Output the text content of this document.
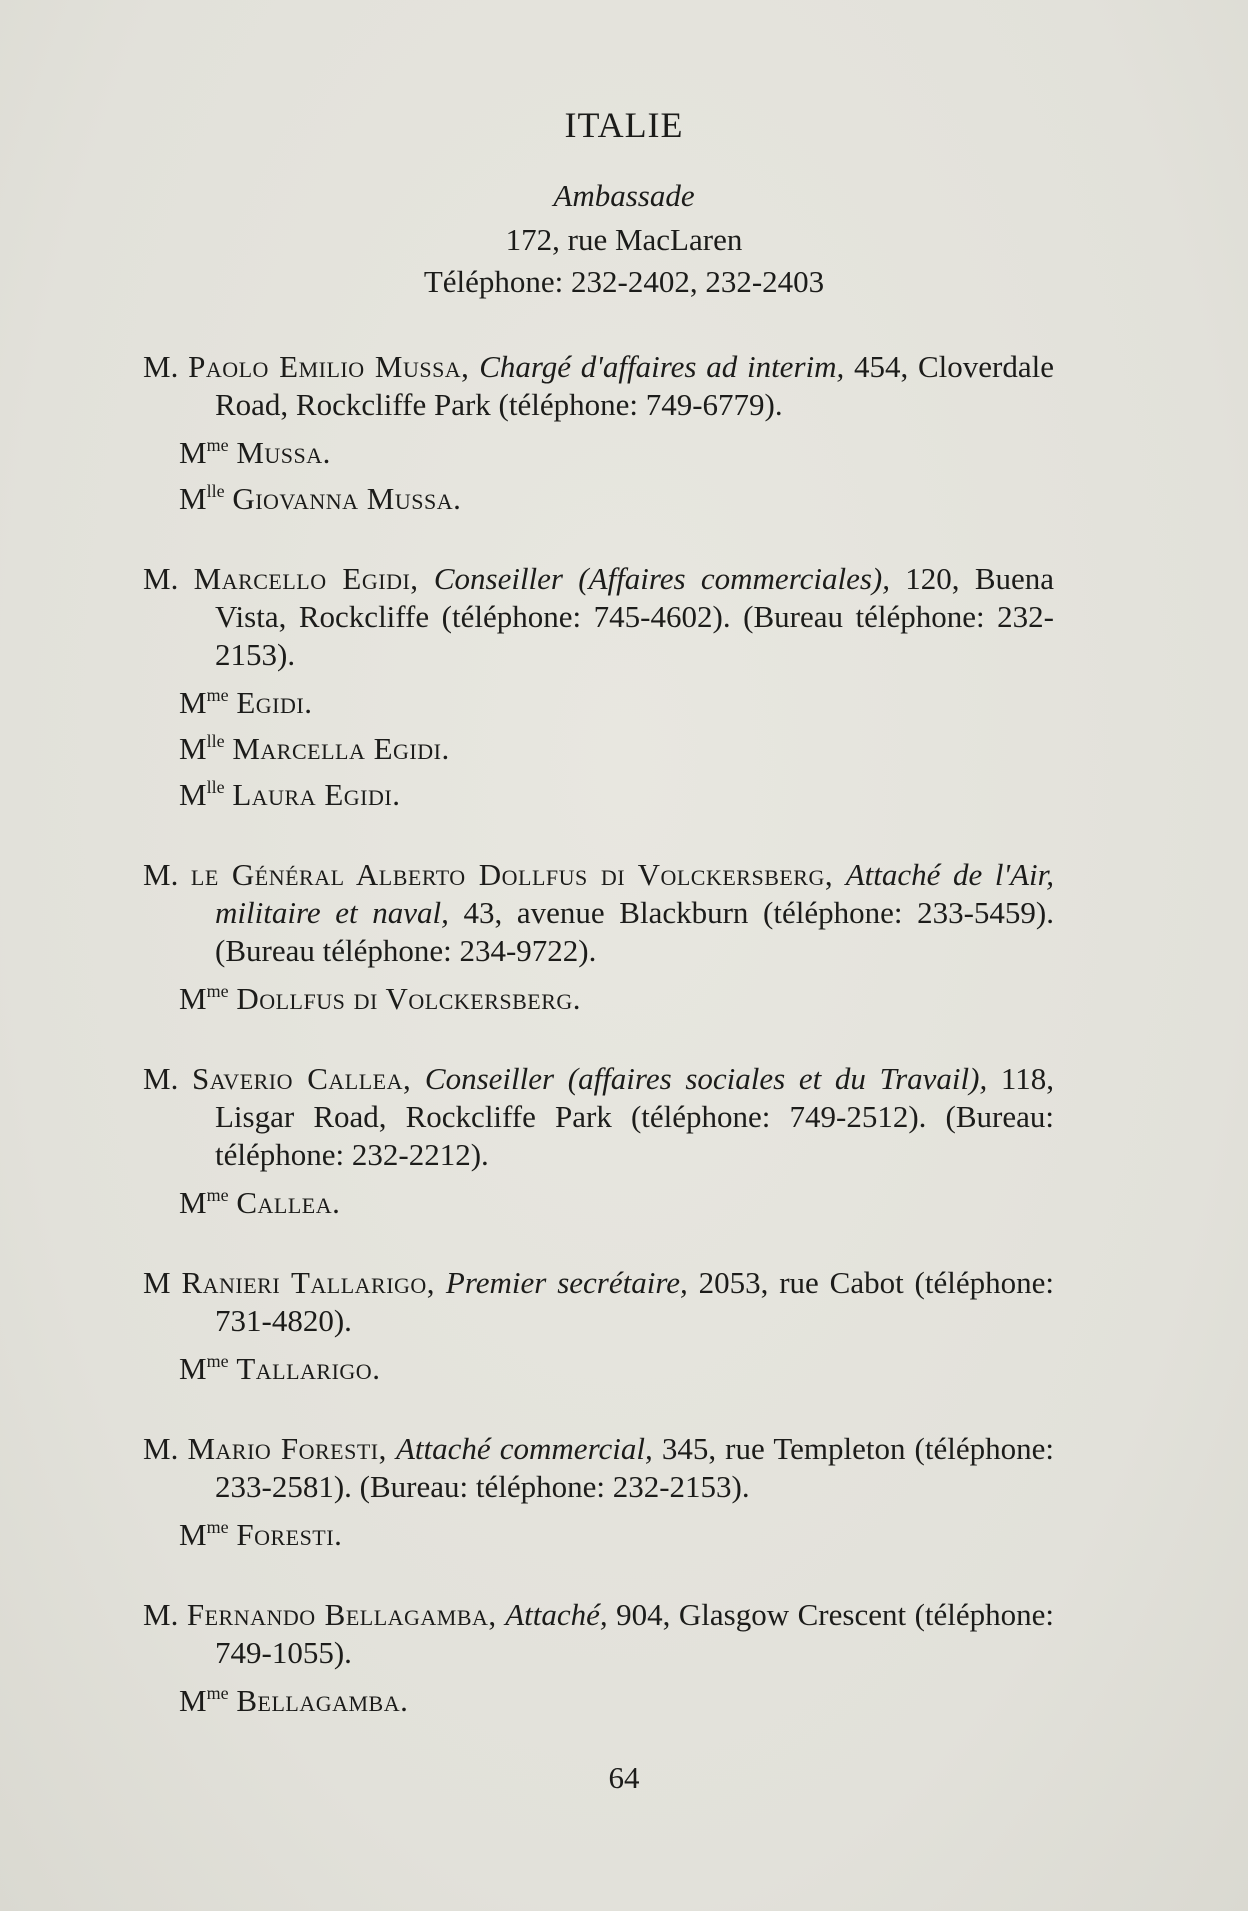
ITALIE
Ambassade
172, rue MacLaren
Téléphone: 232-2402, 232-2403
M. Paolo Emilio Mussa, Chargé d'affaires ad interim, 454, Cloverdale Road, Rockcliffe Park (téléphone: 749-6779).
$M^{me}$ Mussa.
$M^{lle}$ Giovanna Mussa.
M. Marcello Egidi, Conseiller (Affaires commerciales), 120, Buena Vista, Rockcliffe (téléphone: 745-4602). (Bureau téléphone: 232-2153).
$M^{me}$ Egidi.
$M^{lle}$ Marcella Egidi.
$M^{lle}$ Laura Egidi.
M. le Général Alberto Dollfus di Volckersberg, Attaché de l'Air, militaire et naval, 43, avenue Blackburn (téléphone: 233-5459). (Bureau téléphone: 234-9722).
$M^{me}$ Dollfus di Volckersberg.
M. Saverio Callea, Conseiller (affaires sociales et du Travail), 118, Lisgar Road, Rockcliffe Park (téléphone: 749-2512). (Bureau: téléphone: 232-2212).
$M^{me}$ Callea.
M Ranieri Tallarigo, Premier secrétaire, 2053, rue Cabot (téléphone: 731-4820).
$M^{me}$ Tallarigo.
M. Mario Foresti, Attaché commercial, 345, rue Templeton (téléphone: 233-2581). (Bureau: téléphone: 232-2153).
$M^{me}$ Foresti.
M. Fernando Bellagamba, Attaché, 904, Glasgow Crescent (téléphone: 749-1055).
$M^{me}$ Bellagamba.
64
